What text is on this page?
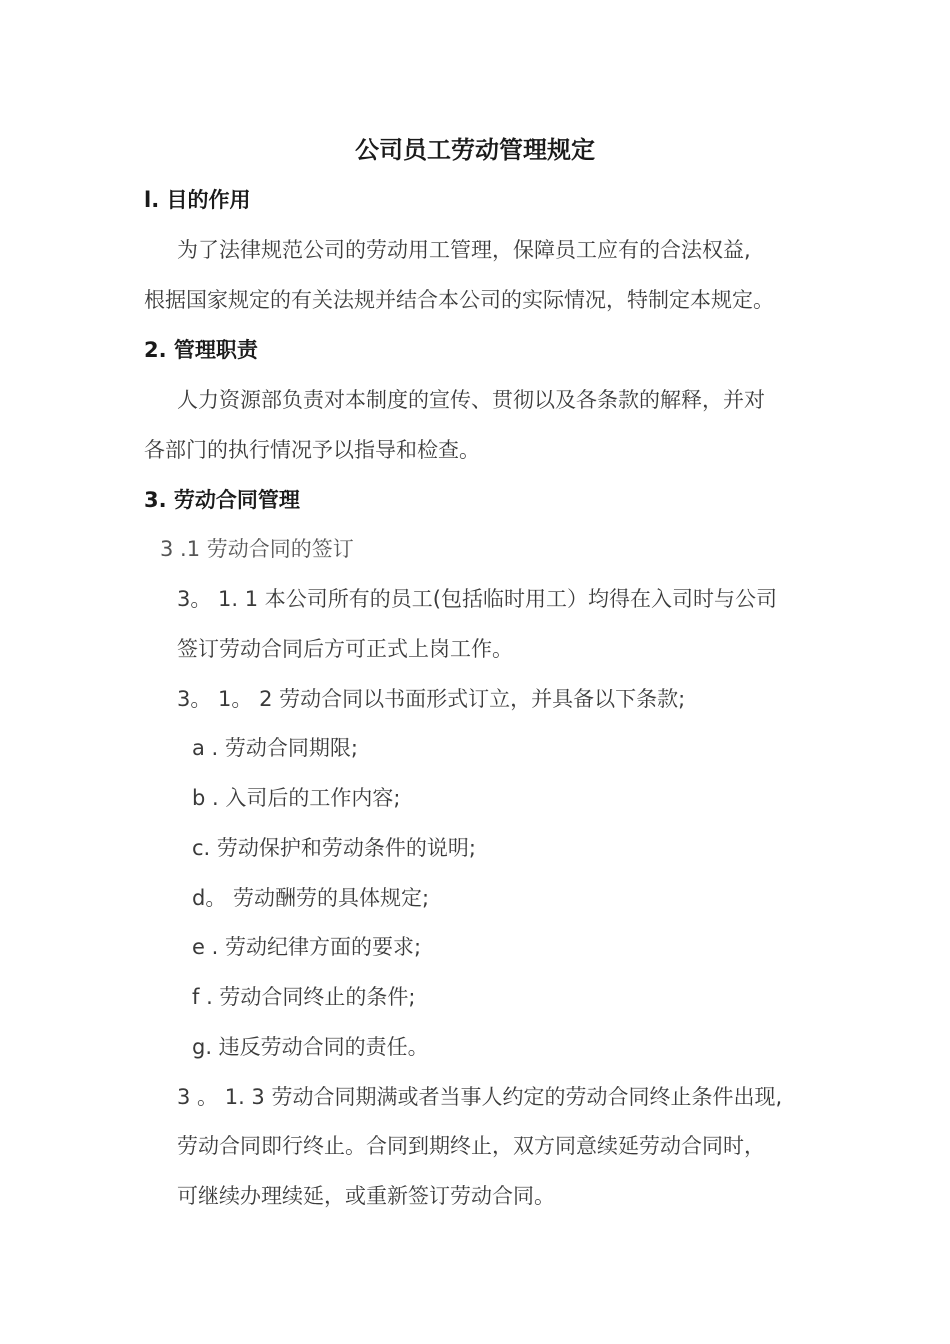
公司员工劳动管理规定
l. 目的作用
为了法律规范公司的劳动用工管理，保障员工应有的合法权益,
根据国家规定的有关法规并结合本公司的实际情况，特制定本规定。
2. 管理职责
人力资源部负责对本制度的宣传、贯彻以及各条款的解释，并对
各部门的执行情况予以指导和检查。
3. 劳动合同管理
3 .1 劳动合同的签订
3。 1. 1 本公司所有的员工(包括临时用工）均得在入司时与公司
签订劳动合同后方可正式上岗工作。
3。 1。 2 劳动合同以书面形式订立，并具备以下条款;
a . 劳动合同期限;
b . 入司后的工作内容;
c. 劳动保护和劳动条件的说明;
d。 劳动酬劳的具体规定;
e . 劳动纪律方面的要求;
f . 劳动合同终止的条件;
g. 违反劳动合同的责任。
3 。 1. 3 劳动合同期满或者当事人约定的劳动合同终止条件出现,
劳动合同即行终止。合同到期终止，双方同意续延劳动合同时，
可继续办理续延，或重新签订劳动合同。
